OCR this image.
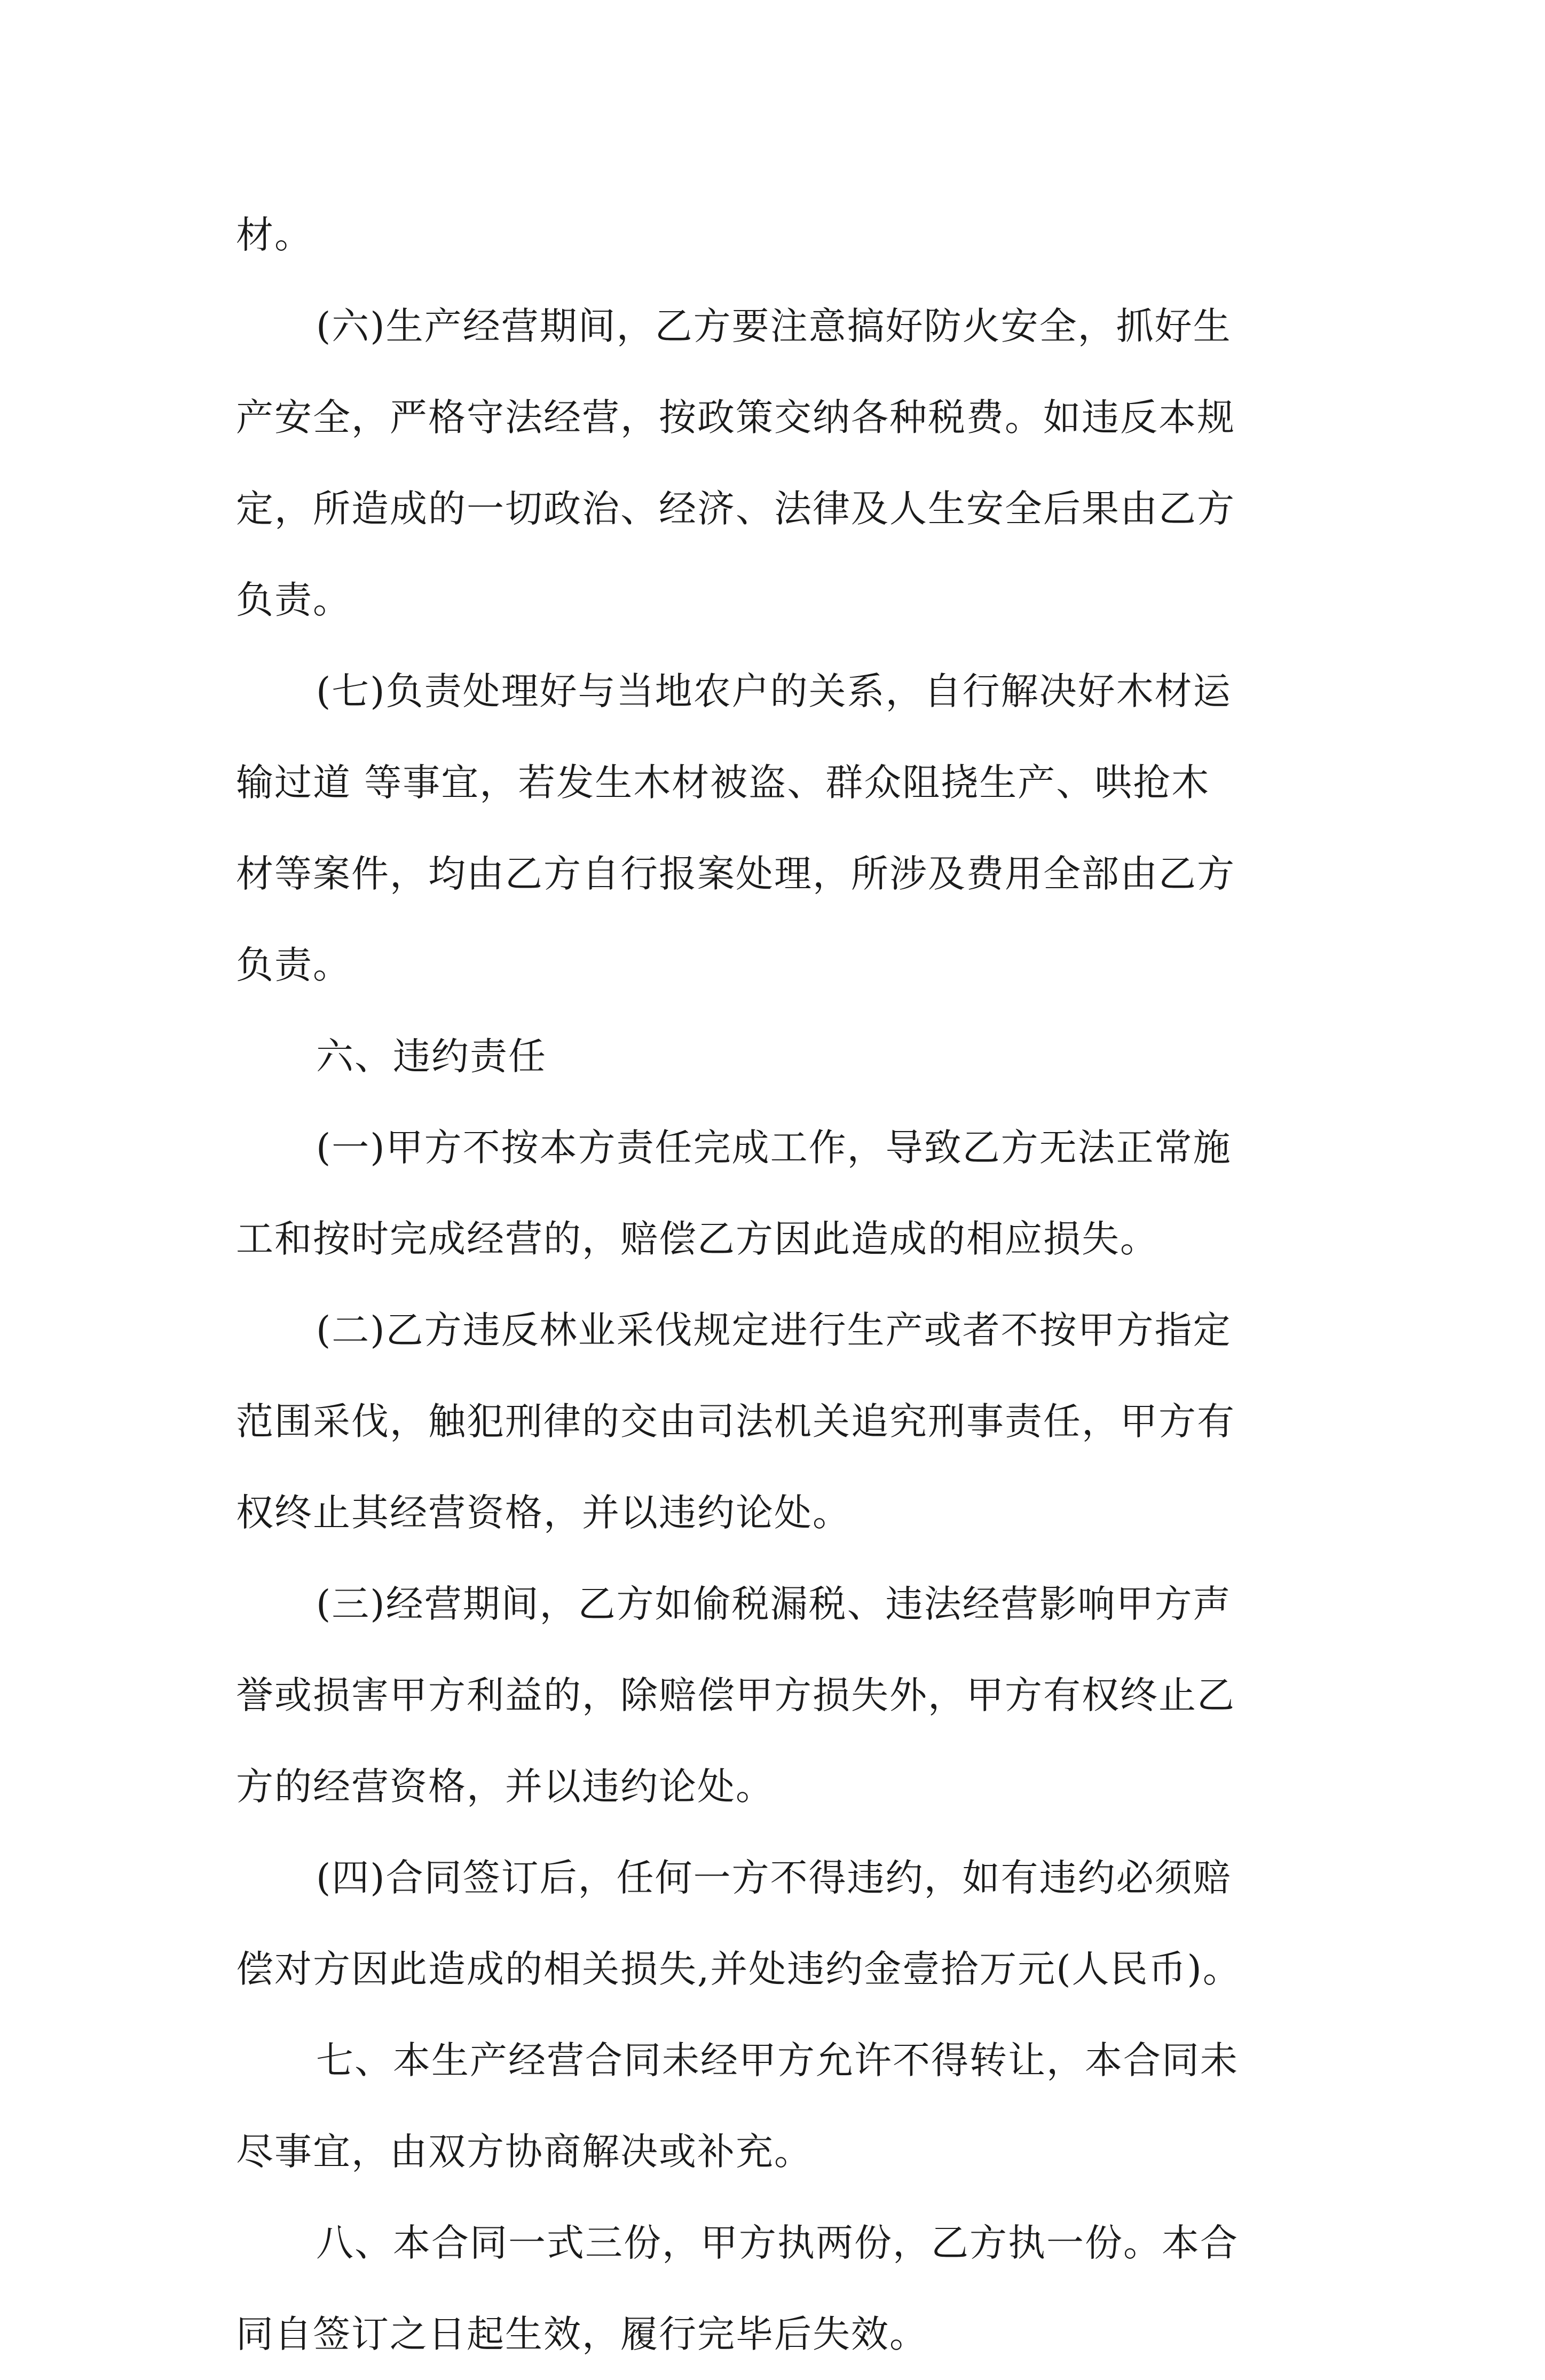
材。
(六)生产经营期间，乙方要注意搞好防火安全，抓好生
产安全，严格守法经营，按政策交纳各种税费。如违反本规
定，所造成的一切政治、经济、法律及人生安全后果由乙方
负责。
(七)负责处理好与当地农户的关系，自行解决好木材运
输过道 等事宜，若发生木材被盗、群众阻挠生产、哄抢木
材等案件，均由乙方自行报案处理，所涉及费用全部由乙方
负责。
六、违约责任
(一)甲方不按本方责任完成工作，导致乙方无法正常施
工和按时完成经营的，赔偿乙方因此造成的相应损失。
(二)乙方违反林业采伐规定进行生产或者不按甲方指定
范围采伐，触犯刑律的交由司法机关追究刑事责任，甲方有
权终止其经营资格，并以违约论处。
(三)经营期间，乙方如偷税漏税、违法经营影响甲方声
誉或损害甲方利益的，除赔偿甲方损失外，甲方有权终止乙
方的经营资格，并以违约论处。
(四)合同签订后，任何一方不得违约，如有违约必须赔
偿对方因此造成的相关损失,并处违约金壹拾万元(人民币)。
七、本生产经营合同未经甲方允许不得转让，本合同未
尽事宜，由双方协商解决或补充。
八、本合同一式三份，甲方执两份，乙方执一份。本合
同自签订之日起生效，履行完毕后失效。
